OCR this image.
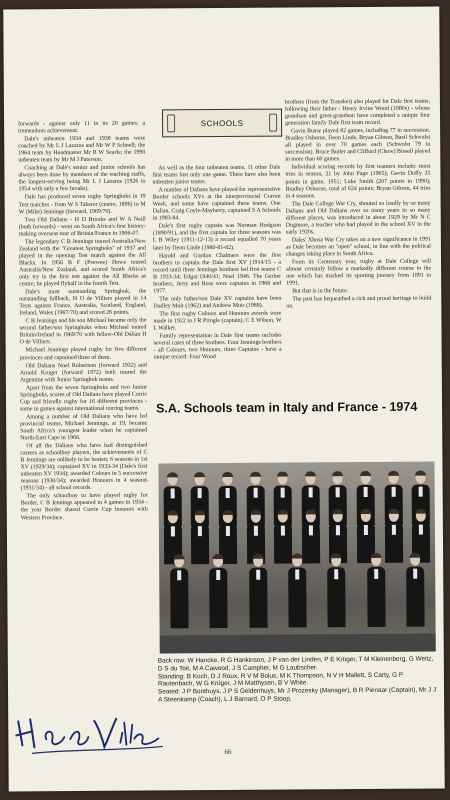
forwards - against only 11 in its 20 games: a tremendous achievement.

Dale's unbeaten 1934 and 1938 teams were coached by Mr L J Lazarus and Mr W P Schnell; the 1964 team by Headmaster Mr R W Searle; the 1990 unbeaten team by Mr M J Paterson.

Coaching at Dale's senior and junior schools has always been done by members of the teaching staffs, the longest-serving being Mr L J Lazarus (1926 to 1954 with only a few breaks).

Dale has produced seven rugby Springboks in 19 Test matches - from W S Taberer (centre, 1896) to M W (Mike) Jennings (forward, 1969/70).

Two Old Dalians - H D Brooks and W A Neill (both forwards) - went on South Africa's first history-making overseas tour of Britain/France in 1906-07.

The legendary C B Jennings toured Australia/New Zealand with the "Greatest Springboks" of 1937 and played in the opening Test match against the All Blacks. In 1956 B F (Peewee) Howe toured Australia/New Zealand, and scored South Africa's only try in the first test against the All Blacks as centre; he played flyhalf in the fourth Test.

Dale's most outstanding Springbok, the outstanding fullback, H O de Villiers played in 14 Tests against France, Australia, Scotland, England, Ireland, Wales (1967/70) and scored 26 points.

C B Jennings and his son Michael became only the second father/son Springboks when Michael toured Britain/Ireland in 1969/70 with fellow-Old Dalian H O de Villiers.

Michael Jennings played rugby for five different provinces and captained three of them.

Old Dalians Noel Robertson (forward 1932) and Arnold Kruger (forward 1972) both toured the Argentine with Junior Springbok teams.

Apart from the seven Springboks and two Junior Springboks, scores of Old Dalians have played Currie Cup and friendly rugby for 16 different provinces - some in games against international touring teams.

Among a number of Old Dalians who have led provincial teams, Michael Jennings, at 19, became South Africa's youngest leader when he captained North-East Cape in 1966.

Of all the Dalians who have had distinguished careers as schoolboy players, the achievements of C B Jennings are unlikely to be beaten; 6 seasons in 1st XV (1929/34); captained XV in 1933-34 (Dale's first unbeaten XV 1934); awarded Colours in 5 successive seasons (1930/34); awarded Honours in 4 seasons (1931/34) - all school records.

The only schoolboy to have played rugby for Border, C B Jennings appeared in 4 games in 1934 - the year Border shared Currie Cup honours with Western Province.

SCHOOLS

As well as the four unbeaten teams, 11 other Dale first teams lost only one game. There have also been unbeaten junior teams.

A number of Dalians have played for representative Border schools XVs at the interprovincial Craven Week, and some have captained these teams. One Dalian, Craig Coyle-Mayberry, captained S A Schools in 1983-84.

Dale's first rugby captain was Norman Hodgson (1890/91), and the first captain for three seasons was L B Wiley (1911-12-13) a record equalled 70 years later by Deon Linde (1980-81-82).

Harold and Gordon Chalmers were the first brothers to captain the Dale first XV (1914/15 - a record until three Jennings brothers led first teams C B 1933-34; Edgar:1940/41; Noel 1946. The Gerber brothers, Jerry and Ross were captains in 1968 and 1977.

The only father/son Dale XV captains have been Dudley Muir (1962) and Andrew Muir (1988).

The first rugby Colours and Honours awards were made in 1922 to J R Pringle (captain), C E Wilson, W L Walker.

Family representation in Dale first teams includes several cases of three brothers. Four Jennings brothers - all Colours, two Honours, three Captains - have a unique record: Four Wood

brothers (from the Transkei) also played for Dale first teams, following their father - Henry Irvine Wood (1880s) - whose grandson and great-grandson have completed a unique four generation family Dale first team record.

Gavin Busse played 82 games, including 77 in succession. Bradley Osborne, Deon Linde, Bryan Gibson, Basil Schwulst all played in over 70 games each (Schwulst 79 in succession). Bruce Butler and Clifford (Chow) Bissell played in more than 60 games.

Individual scoring records by first teamers include: most tries in season, 21 by John Page (1965); Gavin Duffy 35 points in game, 1951; Luke Smith (207 points in 1990); Bradley Osborne, total of 624 points; Bryan Gibson, 44 tries in 4 seasons.

The Dale College War Cry, shouted so loudly by so many Dalians and Old Dalians over so many years in so many different places, was introduced in about 1929 by Mr N C Dugmore, a teacher who had played in the school XV in the early 1920s.

Dales' Xhosa War Cry takes on a new significance in 1991 as Dale becomes an "open" school, in line with the political changes taking place in South Africa.

From its Centenary year, rugby at Dale College will almost certainly follow a markedly different course to the one which has marked its sporting journey from 1891 to 1991.

But that is in the future.

The past has bequeathed a rich and proud heritage to build on.

S.A. Schools team in Italy and France - 1974
Back row: W Hancke, R G Hankinson, J P van der Linden, P E Krüger, T M Kleinenberg, G Weitz, D S du Toit, M A Cawood, J S Campher, M G Laubscher.
Standing: B Koch, D J Roux, R V M Bolus, M K Thompson, N V H Mallett, S Carty, G P Rautenbach, W G Krüger, J M Matthysen, B V White.
Seated: J P Bonthuys, J P S Geldenhuys, Mr J Prozesky (Manager), B R Pienaar (Captain), Mr J J A Steenkamp (Coach), L J Barnard, O P Stoop.
66
